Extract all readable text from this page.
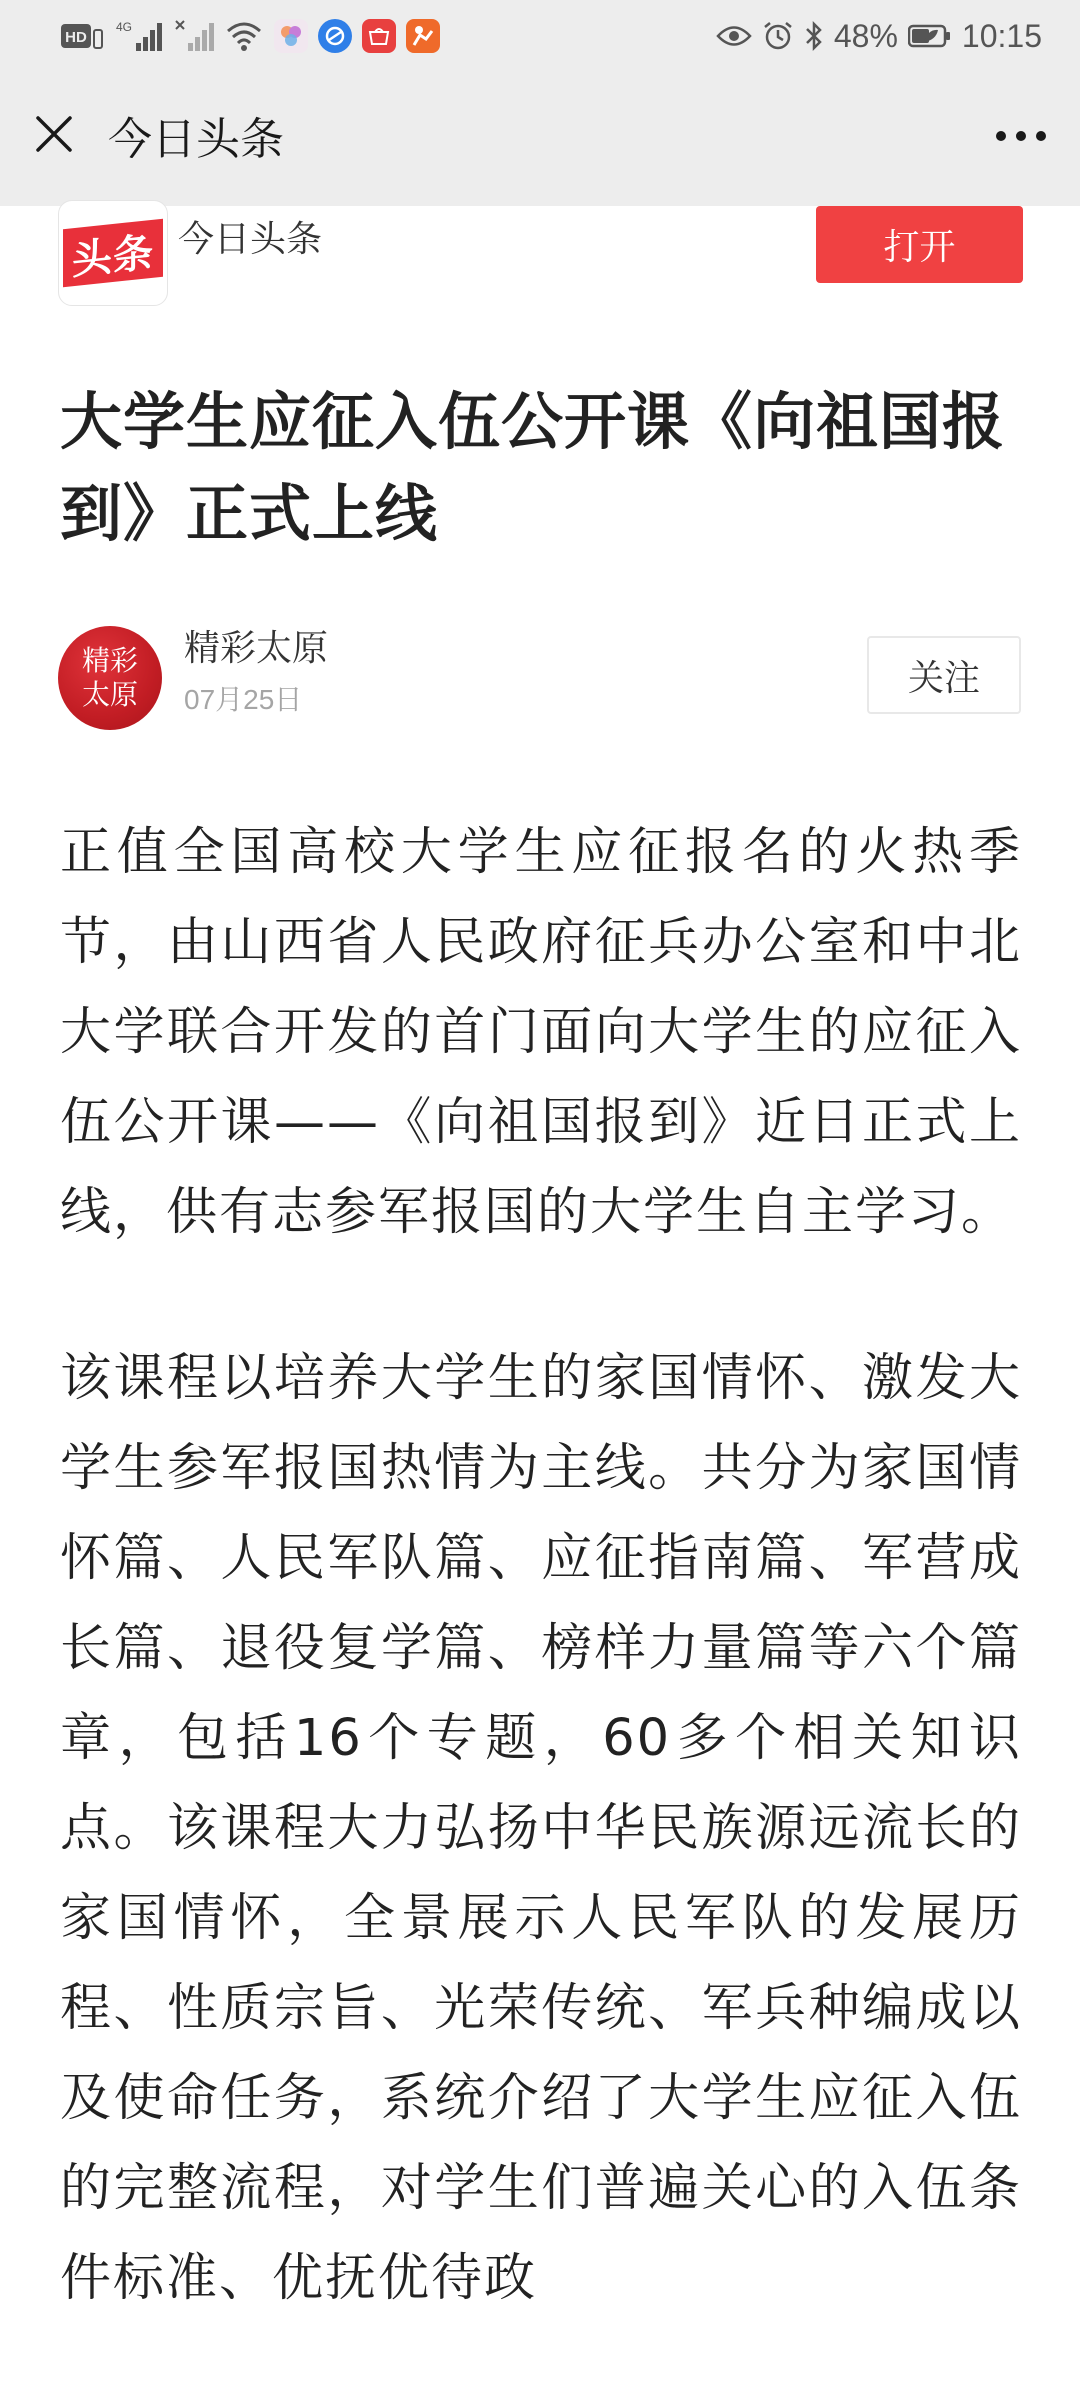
HD
4G	48% 10:15
今日头条
头条 今日头条	打开
大学生应征入伍公开课《向祖国报到》正式上线
精彩
太原
精彩太原
07月25日
关注

正值全国高校大学生应征报名的火热季节，由山西省人民政府征兵办公室和中北大学联合开发的首门面向大学生的应征入伍公开课——《向祖国报到》近日正式上线，供有志参军报国的大学生自主学习。

该课程以培养大学生的家国情怀、激发大学生参军报国热情为主线。共分为家国情怀篇、人民军队篇、应征指南篇、军营成长篇、退役复学篇、榜样力量篇等六个篇章，包括16个专题，60多个相关知识点。该课程大力弘扬中华民族源远流长的家国情怀，全景展示人民军队的发展历程、性质宗旨、光荣传统、军兵种编成以及使命任务，系统介绍了大学生应征入伍的完整流程，对学生们普遍关心的入伍条件标准、优抚优待政
